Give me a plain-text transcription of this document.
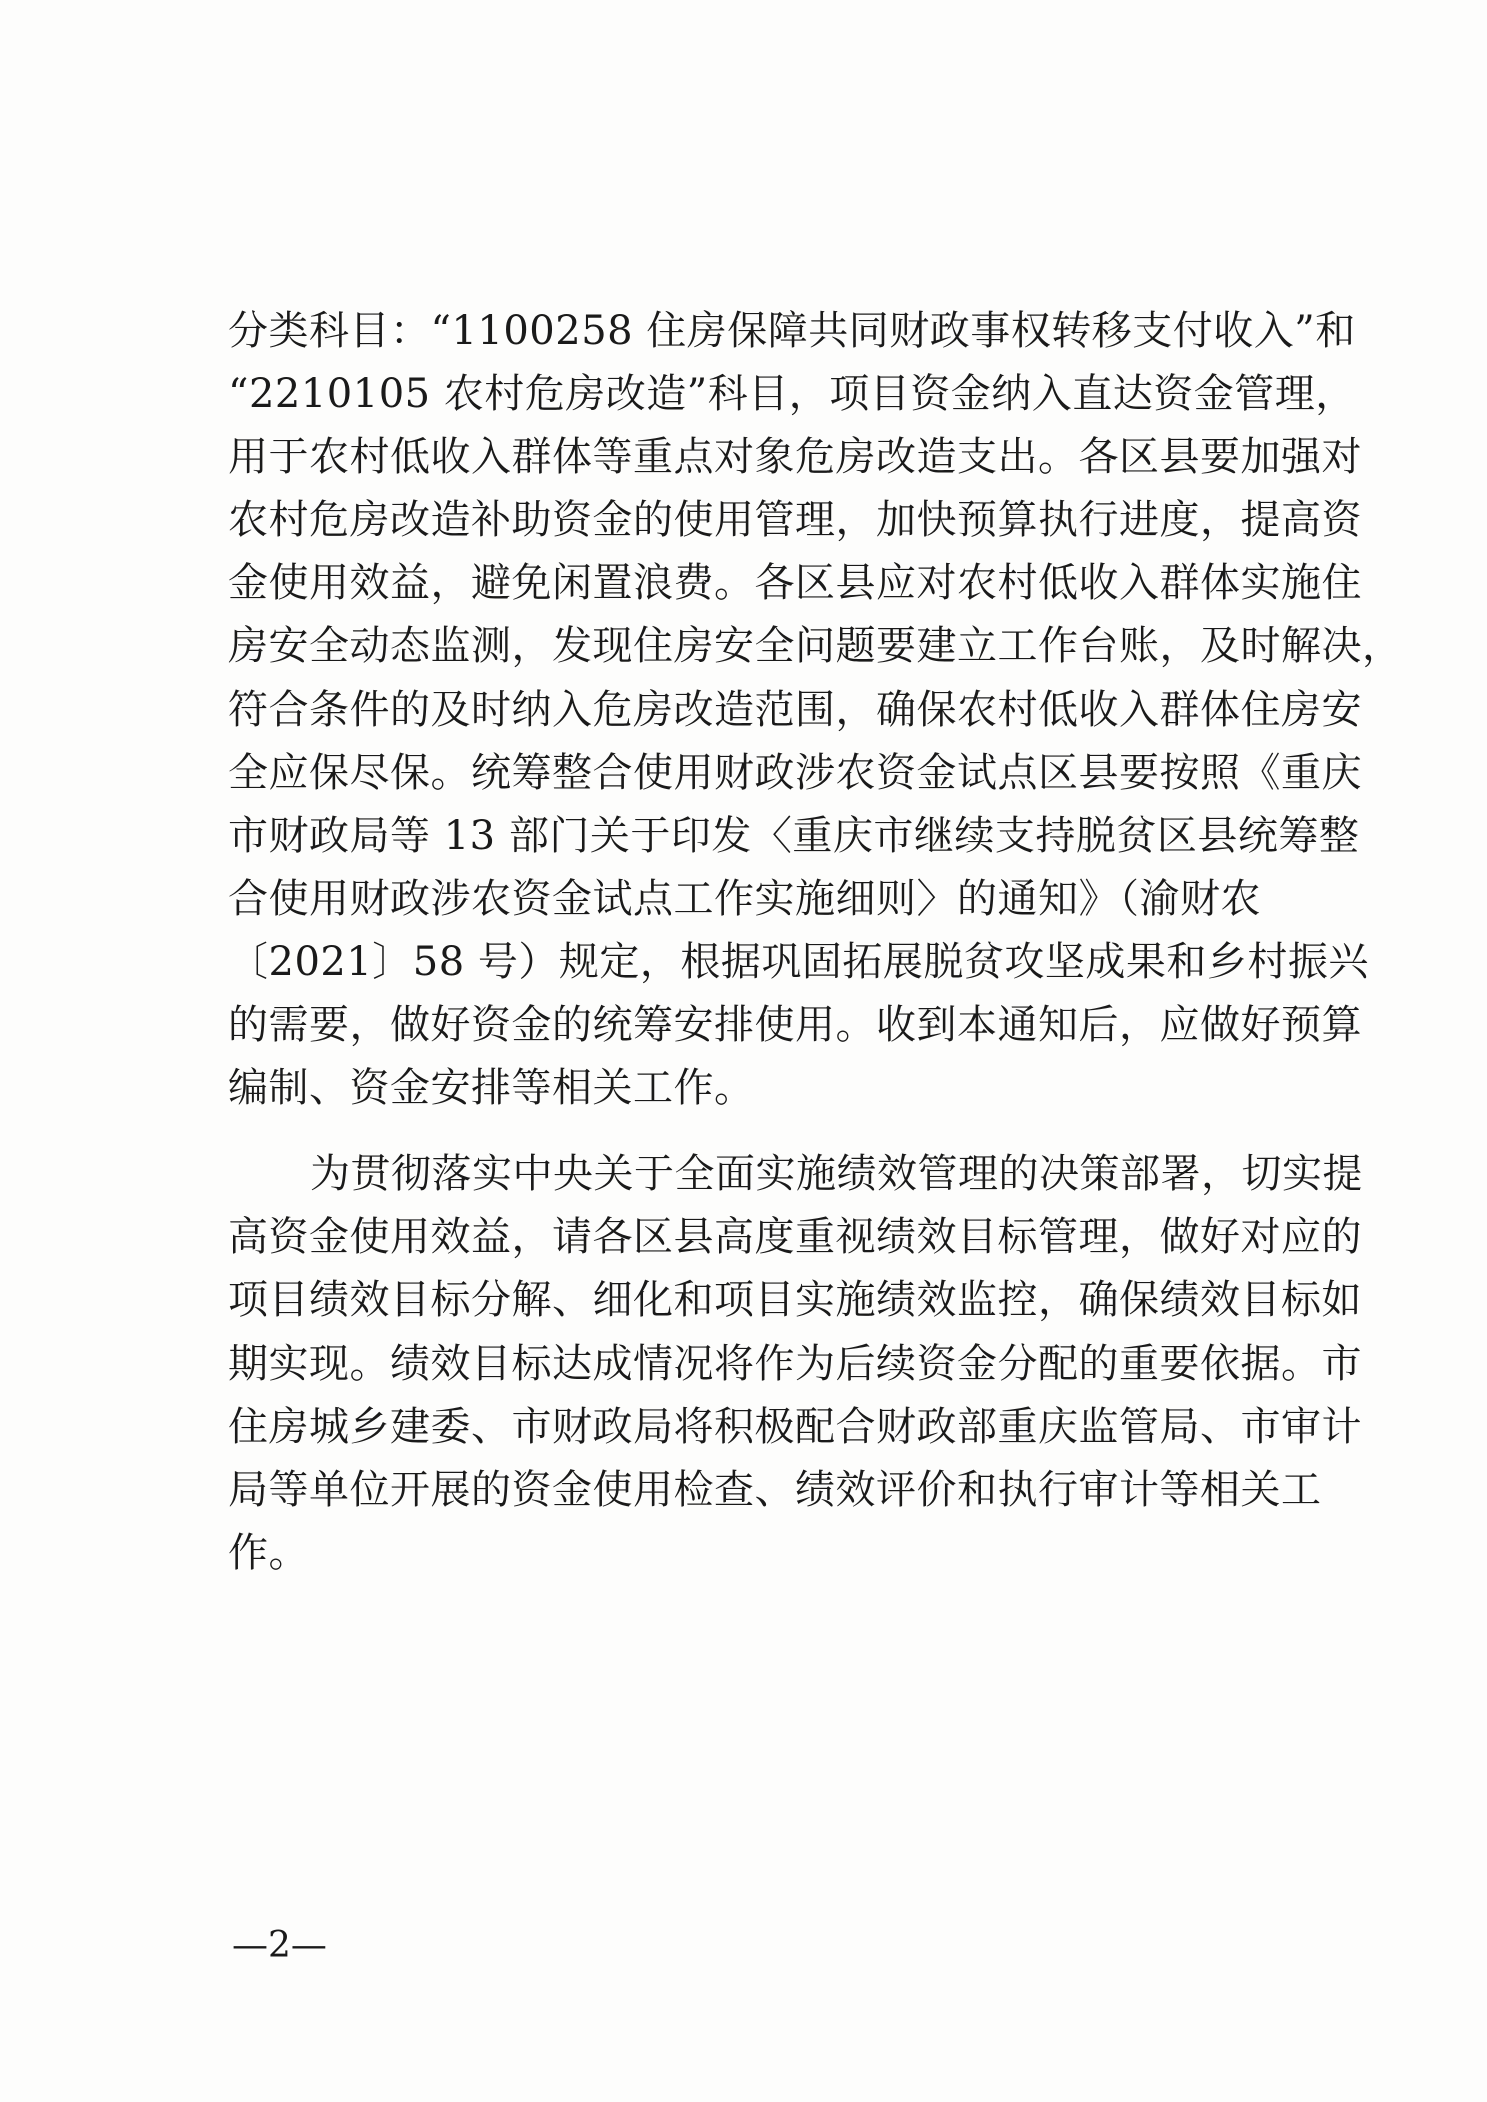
分类科目：“1100258 住房保障共同财政事权转移支付收入”和
“2210105 农村危房改造”科目，项目资金纳入直达资金管理，
用于农村低收入群体等重点对象危房改造支出。各区县要加强对
农村危房改造补助资金的使用管理，加快预算执行进度，提高资
金使用效益，避免闲置浪费。各区县应对农村低收入群体实施住
房安全动态监测，发现住房安全问题要建立工作台账，及时解决，
符合条件的及时纳入危房改造范围，确保农村低收入群体住房安
全应保尽保。统筹整合使用财政涉农资金试点区县要按照《重庆
市财政局等 13 部门关于印发〈重庆市继续支持脱贫区县统筹整
合使用财政涉农资金试点工作实施细则〉的通知》（渝财农
〔2021〕58 号）规定，根据巩固拓展脱贫攻坚成果和乡村振兴
的需要，做好资金的统筹安排使用。收到本通知后，应做好预算
编制、资金安排等相关工作。
为贯彻落实中央关于全面实施绩效管理的决策部署，切实提
高资金使用效益，请各区县高度重视绩效目标管理，做好对应的
项目绩效目标分解、细化和项目实施绩效监控，确保绩效目标如
期实现。绩效目标达成情况将作为后续资金分配的重要依据。市
住房城乡建委、市财政局将积极配合财政部重庆监管局、市审计
局等单位开展的资金使用检查、绩效评价和执行审计等相关工
作。
—2—
